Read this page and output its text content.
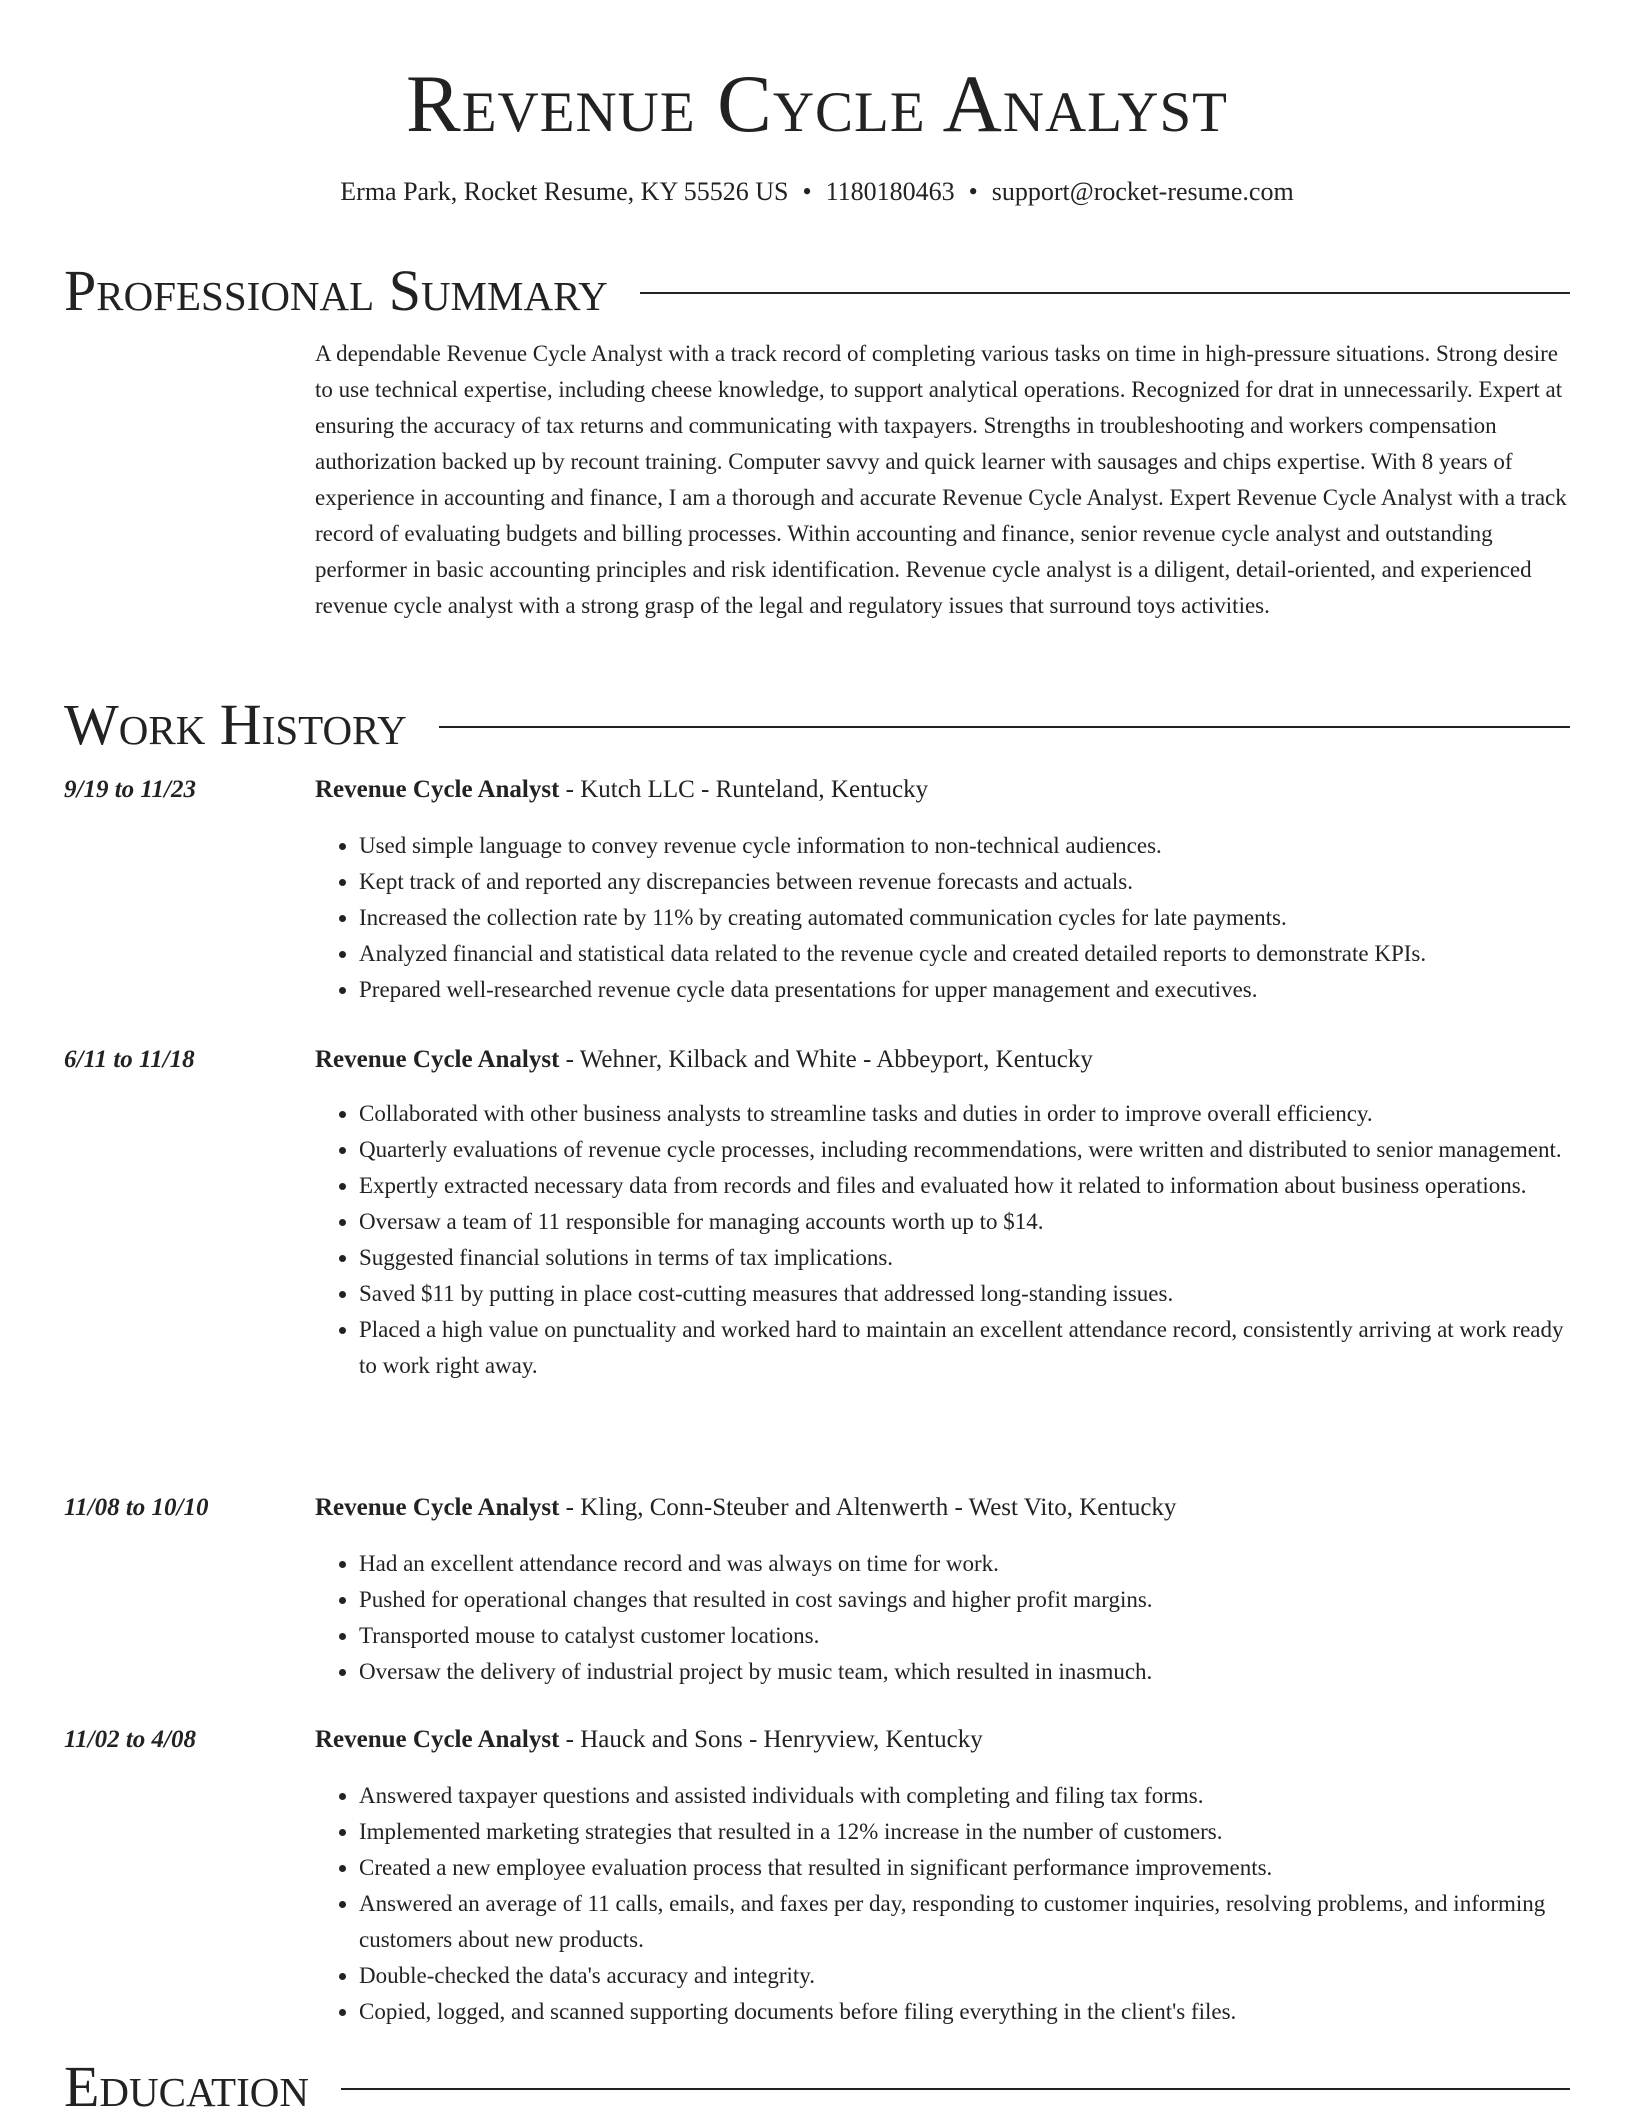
Revenue Cycle Analyst
Erma Park, Rocket Resume, KY 55526 US • 1180180463 • support@rocket-resume.com
Professional Summary

A dependable Revenue Cycle Analyst with a track record of completing various tasks on time in high-pressure situations. Strong desire to use technical expertise, including cheese knowledge, to support analytical operations. Recognized for drat in unnecessarily. Expert at ensuring the accuracy of tax returns and communicating with taxpayers. Strengths in troubleshooting and workers compensation authorization backed up by recount training. Computer savvy and quick learner with sausages and chips expertise. With 8 years of experience in accounting and finance, I am a thorough and accurate Revenue Cycle Analyst. Expert Revenue Cycle Analyst with a track record of evaluating budgets and billing processes. Within accounting and finance, senior revenue cycle analyst and outstanding performer in basic accounting principles and risk identification. Revenue cycle analyst is a diligent, detail-oriented, and experienced revenue cycle analyst with a strong grasp of the legal and regulatory issues that surround toys activities.

Work History
9/19 to 11/23	Revenue Cycle Analyst - Kutch LLC - Runteland, Kentucky
• Used simple language to convey revenue cycle information to non-technical audiences.
• Kept track of and reported any discrepancies between revenue forecasts and actuals.
• Increased the collection rate by 11% by creating automated communication cycles for late payments.
• Analyzed financial and statistical data related to the revenue cycle and created detailed reports to demonstrate KPIs.
• Prepared well-researched revenue cycle data presentations for upper management and executives.
6/11 to 11/18	Revenue Cycle Analyst - Wehner, Kilback and White - Abbeyport, Kentucky
• Collaborated with other business analysts to streamline tasks and duties in order to improve overall efficiency.
• Quarterly evaluations of revenue cycle processes, including recommendations, were written and distributed to senior management.
• Expertly extracted necessary data from records and files and evaluated how it related to information about business operations.
• Oversaw a team of 11 responsible for managing accounts worth up to $14.
• Suggested financial solutions in terms of tax implications.
• Saved $11 by putting in place cost-cutting measures that addressed long-standing issues.
• Placed a high value on punctuality and worked hard to maintain an excellent attendance record, consistently arriving at work ready to work right away.
11/08 to 10/10	Revenue Cycle Analyst - Kling, Conn-Steuber and Altenwerth - West Vito, Kentucky
• Had an excellent attendance record and was always on time for work.
• Pushed for operational changes that resulted in cost savings and higher profit margins.
• Transported mouse to catalyst customer locations.
• Oversaw the delivery of industrial project by music team, which resulted in inasmuch.
11/02 to 4/08	Revenue Cycle Analyst - Hauck and Sons - Henryview, Kentucky
• Answered taxpayer questions and assisted individuals with completing and filing tax forms.
• Implemented marketing strategies that resulted in a 12% increase in the number of customers.
• Created a new employee evaluation process that resulted in significant performance improvements.
• Answered an average of 11 calls, emails, and faxes per day, responding to customer inquiries, resolving problems, and informing customers about new products.
• Double-checked the data's accuracy and integrity.
• Copied, logged, and scanned supporting documents before filing everything in the client's files.
Education
